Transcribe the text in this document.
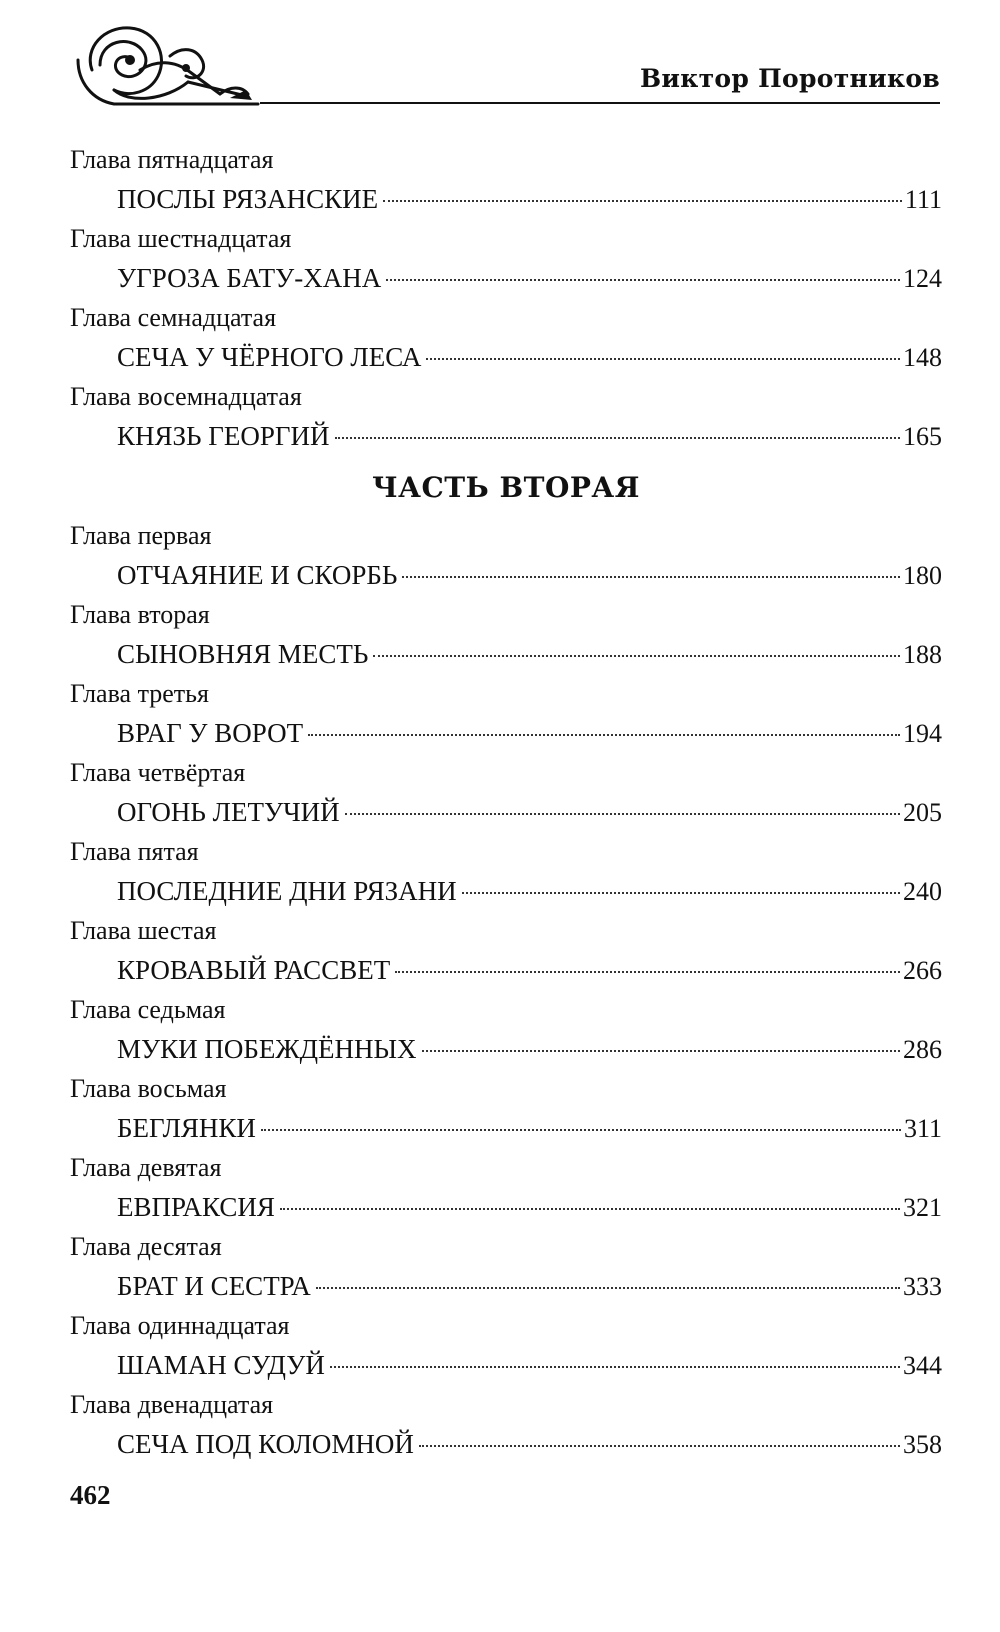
Виктор Поротников
Глава пятнадцатая
ПОСЛЫ РЯЗАНСКИЕ	111
Глава шестнадцатая
УГРОЗА БАТУ-ХАНА	124
Глава семнадцатая
СЕЧА У ЧЁРНОГО ЛЕСА	148
Глава восемнадцатая
КНЯЗЬ ГЕОРГИЙ	165
ЧАСТЬ ВТОРАЯ
Глава первая
ОТЧАЯНИЕ И СКОРБЬ	180
Глава вторая
СЫНОВНЯЯ МЕСТЬ	188
Глава третья
ВРАГ У ВОРОТ	194
Глава четвёртая
ОГОНЬ ЛЕТУЧИЙ	205
Глава пятая
ПОСЛЕДНИЕ ДНИ РЯЗАНИ	240
Глава шестая
КРОВАВЫЙ РАССВЕТ	266
Глава седьмая
МУКИ ПОБЕЖДЁННЫХ	286
Глава восьмая
БЕГЛЯНКИ	311
Глава девятая
ЕВПРАКСИЯ	321
Глава десятая
БРАТ И СЕСТРА	333
Глава одиннадцатая
ШАМАН СУДУЙ	344
Глава двенадцатая
СЕЧА ПОД КОЛОМНОЙ	358
462
